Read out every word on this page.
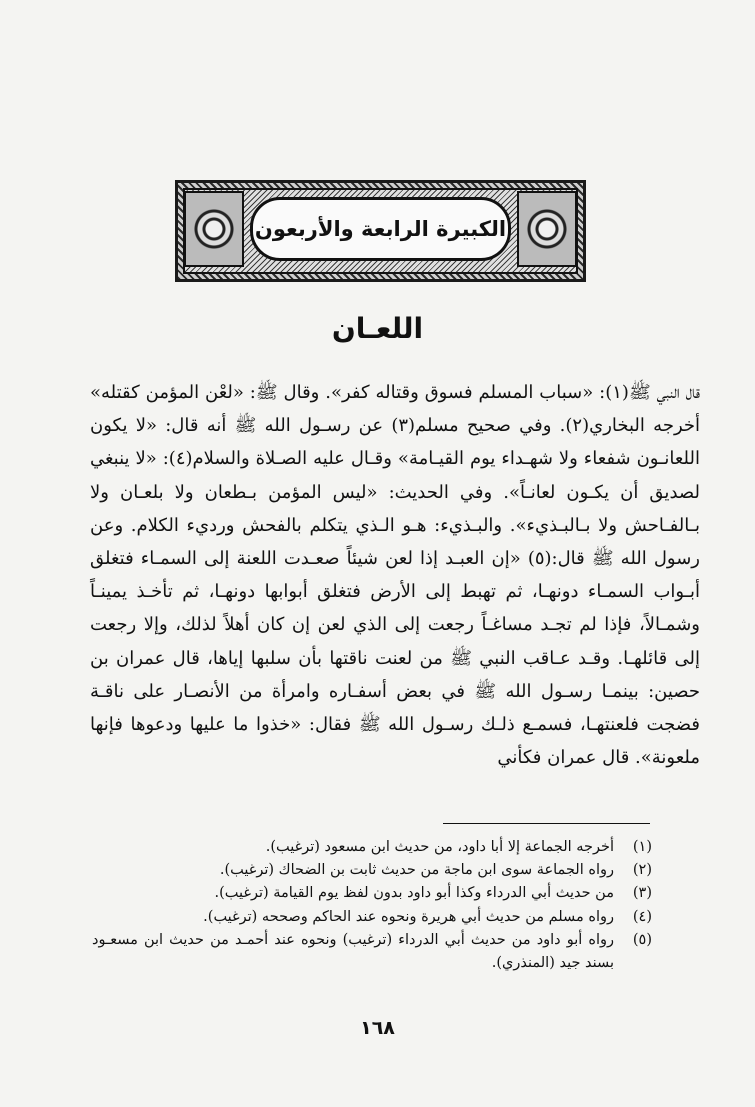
الكبيرة الرابعة والأربعون
اللعـان
قال النبي ﷺ(١): «سباب المسلم فسوق وقتاله كفر». وقال ﷺ: «لعْن المؤمن كقتله» أخرجه البخاري(٢). وفي صحيح مسلم(٣) عن رسـول الله ﷺ أنه قال: «لا يكون اللعانـون شفعاء ولا شهـداء يوم القيـامة» وقـال عليه الصـلاة والسلام(٤): «لا ينبغي لصديق أن يكـون لعانـاً». وفي الحديث: «ليس المؤمن بـطعان ولا بلعـان ولا بـالفـاحش ولا بـالبـذيء». والبـذيء: هـو الـذي يتكلم بالفحش ورديء الكلام. وعن رسول الله ﷺ قال:(٥) «إن العبـد إذا لعن شيئاً صعـدت اللعنة إلى السمـاء فتغلق أبـواب السمـاء دونهـا، ثم تهبط إلى الأرض فتغلق أبوابها دونهـا، ثم تأخـذ يمينـاً وشمـالاً، فإذا لم تجـد مساغـاً رجعت إلى الذي لعن إن كان أهلاً لذلك، وإلا رجعت إلى قائلهـا. وقـد عـاقب النبي ﷺ من لعنت ناقتها بأن سلبها إياها، قال عمران بن حصين: بينمـا رسـول الله ﷺ في بعض أسفـاره وامرأة من الأنصـار على ناقـة فضجت فلعنتهـا، فسمـع ذلـك رسـول الله ﷺ فقال: «خذوا ما عليها ودعوها فإنها ملعونة». قال عمران فكأني
(١)
أخرجه الجماعة إلا أبا داود، من حديث ابن مسعود (ترغيب).
(٢)
رواه الجماعة سوى ابن ماجة من حديث ثابت بن الضحاك (ترغيب).
(٣)
من حديث أبي الدرداء وكذا أبو داود بدون لفظ يوم القيامة (ترغيب).
(٤)
رواه مسلم من حديث أبي هريرة ونحوه عند الحاكم وصححه (ترغيب).
(٥)
رواه أبو داود من حديث أبي الدرداء (ترغيب) ونحوه عند أحمـد من حديث ابن مسعـود بسند جيد (المنذري).
١٦٨
